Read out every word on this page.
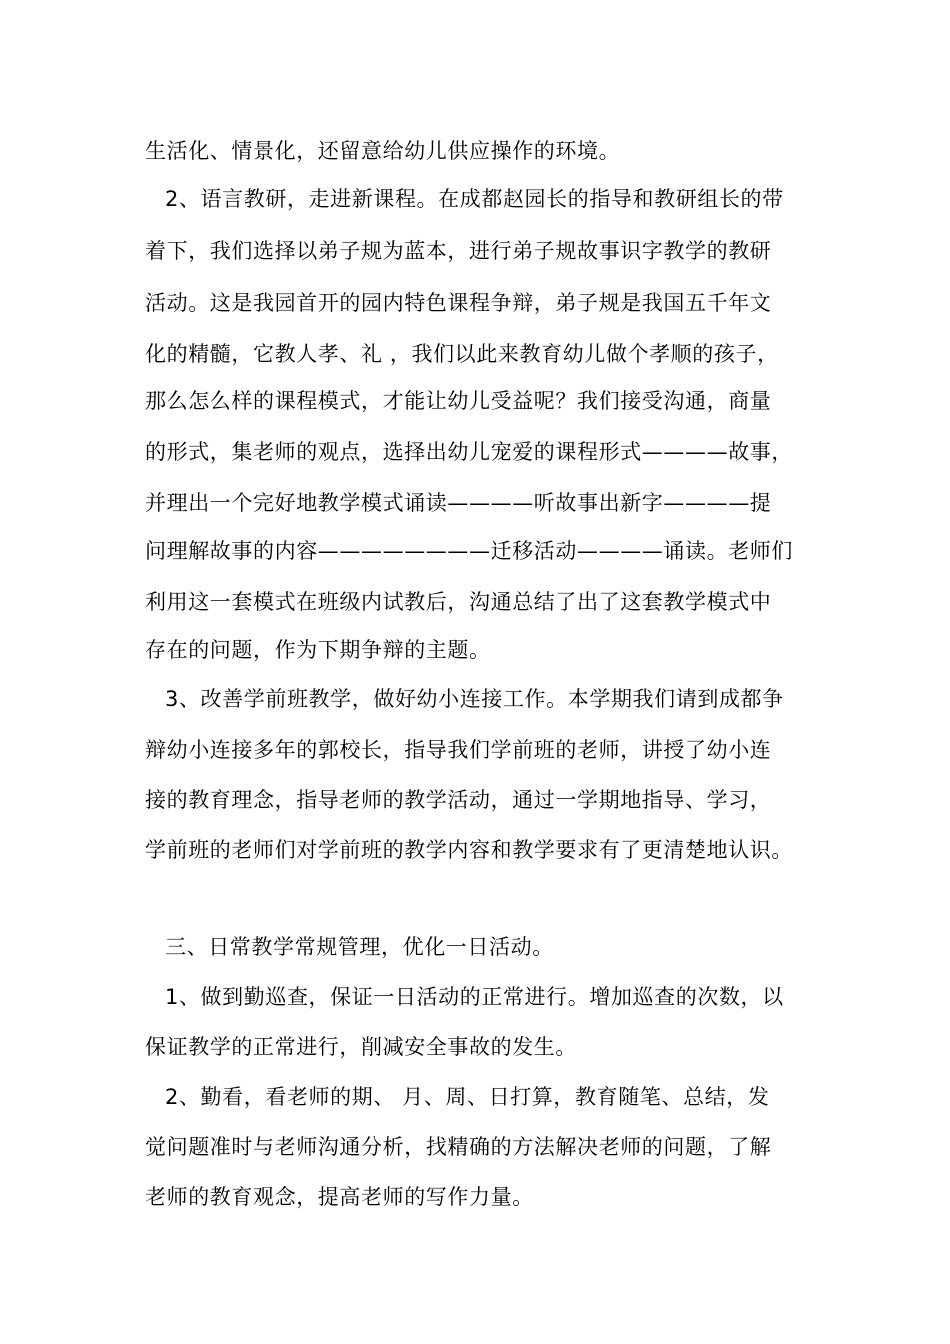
生活化、情景化，还留意给幼儿供应操作的环境。
2、语言教研，走进新课程。在成都赵园长的指导和教研组长的带
着下，我们选择以弟子规为蓝本，进行弟子规故事识字教学的教研
活动。这是我园首开的园内特色课程争辩，弟子规是我国五千年文
化的精髓，它教人孝、礼 ，我们以此来教育幼儿做个孝顺的孩子，
那么怎么样的课程模式，才能让幼儿受益呢？我们接受沟通，商量
的形式，集老师的观点，选择出幼儿宠爱的课程形式————故事，
并理出一个完好地教学模式诵读————听故事出新字————提
问理解故事的内容————————迁移活动————诵读。老师们
利用这一套模式在班级内试教后，沟通总结了出了这套教学模式中
存在的问题，作为下期争辩的主题。
3、改善学前班教学，做好幼小连接工作。本学期我们请到成都争
辩幼小连接多年的郭校长，指导我们学前班的老师，讲授了幼小连
接的教育理念，指导老师的教学活动，通过一学期地指导、学习，
学前班的老师们对学前班的教学内容和教学要求有了更清楚地认识。
三、日常教学常规管理，优化一日活动。
1、做到勤巡查，保证一日活动的正常进行。增加巡查的次数，以
保证教学的正常进行，削减安全事故的发生。
2、勤看，看老师的期、 月、周、日打算，教育随笔、总结，发
觉问题准时与老师沟通分析，找精确的方法解决老师的问题，了解
老师的教育观念，提高老师的写作力量。
